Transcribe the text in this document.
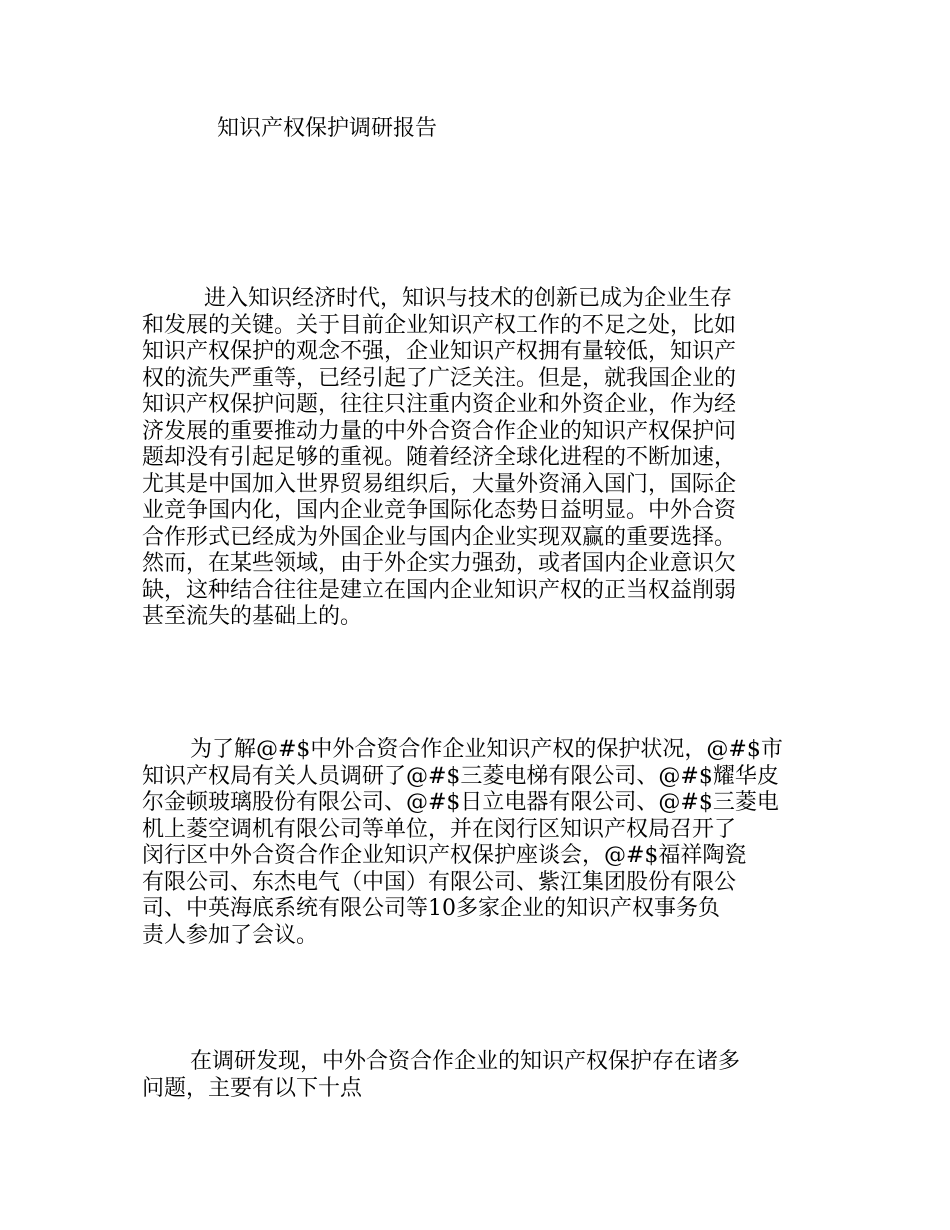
知识产权保护调研报告
进入知识经济时代，知识与技术的创新已成为企业生存
和发展的关键。关于目前企业知识产权工作的不足之处，比如
知识产权保护的观念不强，企业知识产权拥有量较低，知识产
权的流失严重等，已经引起了广泛关注。但是，就我国企业的
知识产权保护问题，往往只注重内资企业和外资企业，作为经
济发展的重要推动力量的中外合资合作企业的知识产权保护问
题却没有引起足够的重视。随着经济全球化进程的不断加速，
尤其是中国加入世界贸易组织后，大量外资涌入国门，国际企
业竞争国内化，国内企业竞争国际化态势日益明显。中外合资
合作形式已经成为外国企业与国内企业实现双赢的重要选择。
然而，在某些领域，由于外企实力强劲，或者国内企业意识欠
缺，这种结合往往是建立在国内企业知识产权的正当权益削弱
甚至流失的基础上的。
为了解@#$中外合资合作企业知识产权的保护状况，@#$市
知识产权局有关人员调研了@#$三菱电梯有限公司、@#$耀华皮
尔金顿玻璃股份有限公司、@#$日立电器有限公司、@#$三菱电
机上菱空调机有限公司等单位，并在闵行区知识产权局召开了
闵行区中外合资合作企业知识产权保护座谈会，@#$福祥陶瓷
有限公司、东杰电气（中国）有限公司、紫江集团股份有限公
司、中英海底系统有限公司等10多家企业的知识产权事务负
责人参加了会议。
在调研发现，中外合资合作企业的知识产权保护存在诸多
问题，主要有以下十点
